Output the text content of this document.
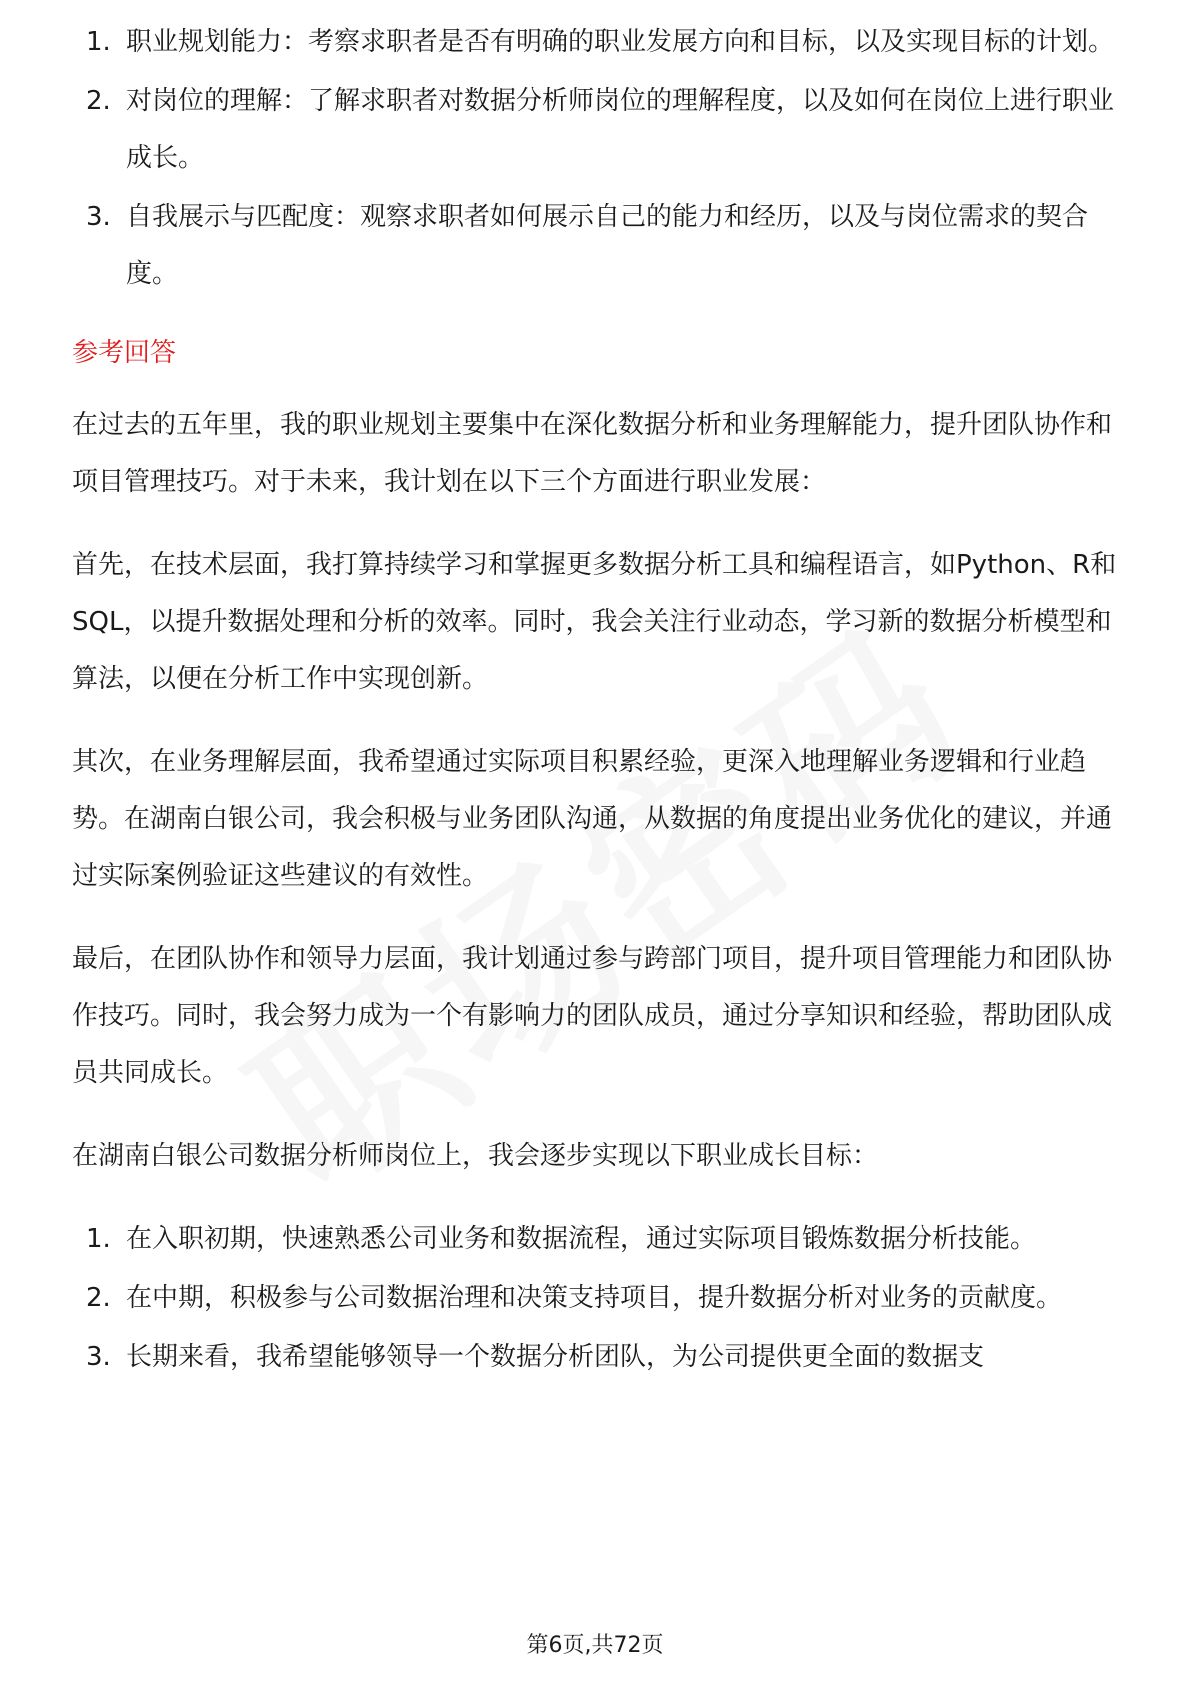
1. 职业规划能力：考察求职者是否有明确的职业发展方向和目标，以及实现目标的计划。
2. 对岗位的理解：了解求职者对数据分析师岗位的理解程度，以及如何在岗位上进行职业成长。
3. 自我展示与匹配度：观察求职者如何展示自己的能力和经历，以及与岗位需求的契合度。
参考回答

在过去的五年里，我的职业规划主要集中在深化数据分析和业务理解能力，提升团队协作和项目管理技巧。对于未来，我计划在以下三个方面进行职业发展：

首先，在技术层面，我打算持续学习和掌握更多数据分析工具和编程语言，如Python、R和SQL，以提升数据处理和分析的效率。同时，我会关注行业动态，学习新的数据分析模型和算法，以便在分析工作中实现创新。

其次，在业务理解层面，我希望通过实际项目积累经验，更深入地理解业务逻辑和行业趋势。在湖南白银公司，我会积极与业务团队沟通，从数据的角度提出业务优化的建议，并通过实际案例验证这些建议的有效性。

最后，在团队协作和领导力层面，我计划通过参与跨部门项目，提升项目管理能力和团队协作技巧。同时，我会努力成为一个有影响力的团队成员，通过分享知识和经验，帮助团队成员共同成长。

在湖南白银公司数据分析师岗位上，我会逐步实现以下职业成长目标：

1. 在入职初期，快速熟悉公司业务和数据流程，通过实际项目锻炼数据分析技能。
2. 在中期，积极参与公司数据治理和决策支持项目，提升数据分析对业务的贡献度。
3. 长期来看，我希望能够领导一个数据分析团队，为公司提供更全面的数据支
第6页,共72页
